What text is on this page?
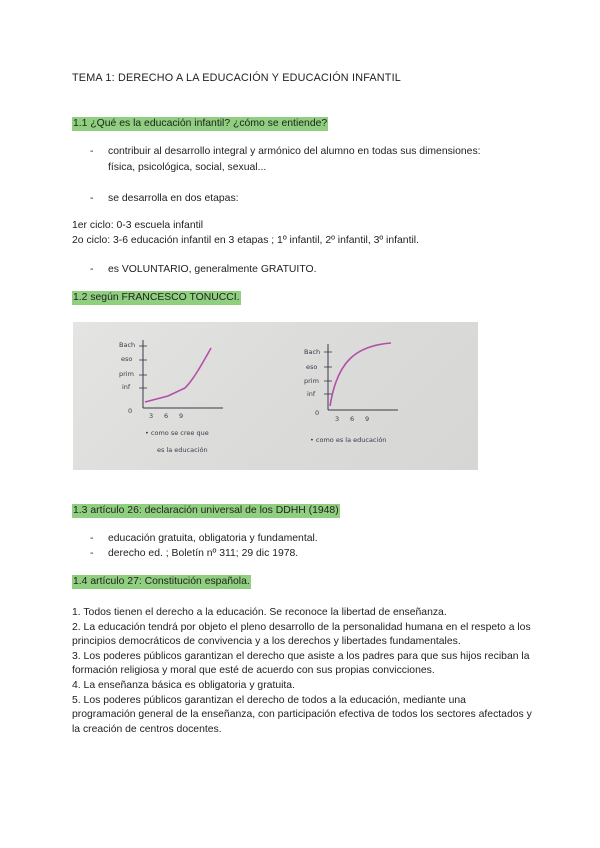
TEMA 1: DERECHO A LA EDUCACIÓN Y EDUCACIÓN INFANTIL
1.1 ¿Qué es la educación infantil? ¿cómo se entiende?
- contribuir al desarrollo integral y armónico del alumno en todas sus dimensiones:
física, psicológica, social, sexual...
- se desarrolla en dos etapas:
1er ciclo: 0-3 escuela infantil
2o ciclo: 3-6 educación infantil en 3 etapas ; 1º infantil, 2º infantil, 3º infantil.
- es VOLUNTARIO, generalmente GRATUITO.
1.2 según FRANCESCO TONUCCI.
Bach
eso
prim
inf
0
3 6 9
• como se cree que
es la educación
Bach
eso
prim
inf
0
3 6 9
• como es la educación
1.3 artículo 26: declaración universal de los DDHH (1948)
- educación gratuita, obligatoria y fundamental.
- derecho ed. ; Boletín nº 311; 29 dic 1978.
1.4 artículo 27: Constitución española.
1. Todos tienen el derecho a la educación. Se reconoce la libertad de enseñanza.
2. La educación tendrá por objeto el pleno desarrollo de la personalidad humana en el respeto a los principios democráticos de convivencia y a los derechos y libertades fundamentales.
3. Los poderes públicos garantizan el derecho que asiste a los padres para que sus hijos reciban la formación religiosa y moral que esté de acuerdo con sus propias convicciones.
4. La enseñanza básica es obligatoria y gratuita.
5. Los poderes públicos garantizan el derecho de todos a la educación, mediante una programación general de la enseñanza, con participación efectiva de todos los sectores afectados y la creación de centros docentes.
